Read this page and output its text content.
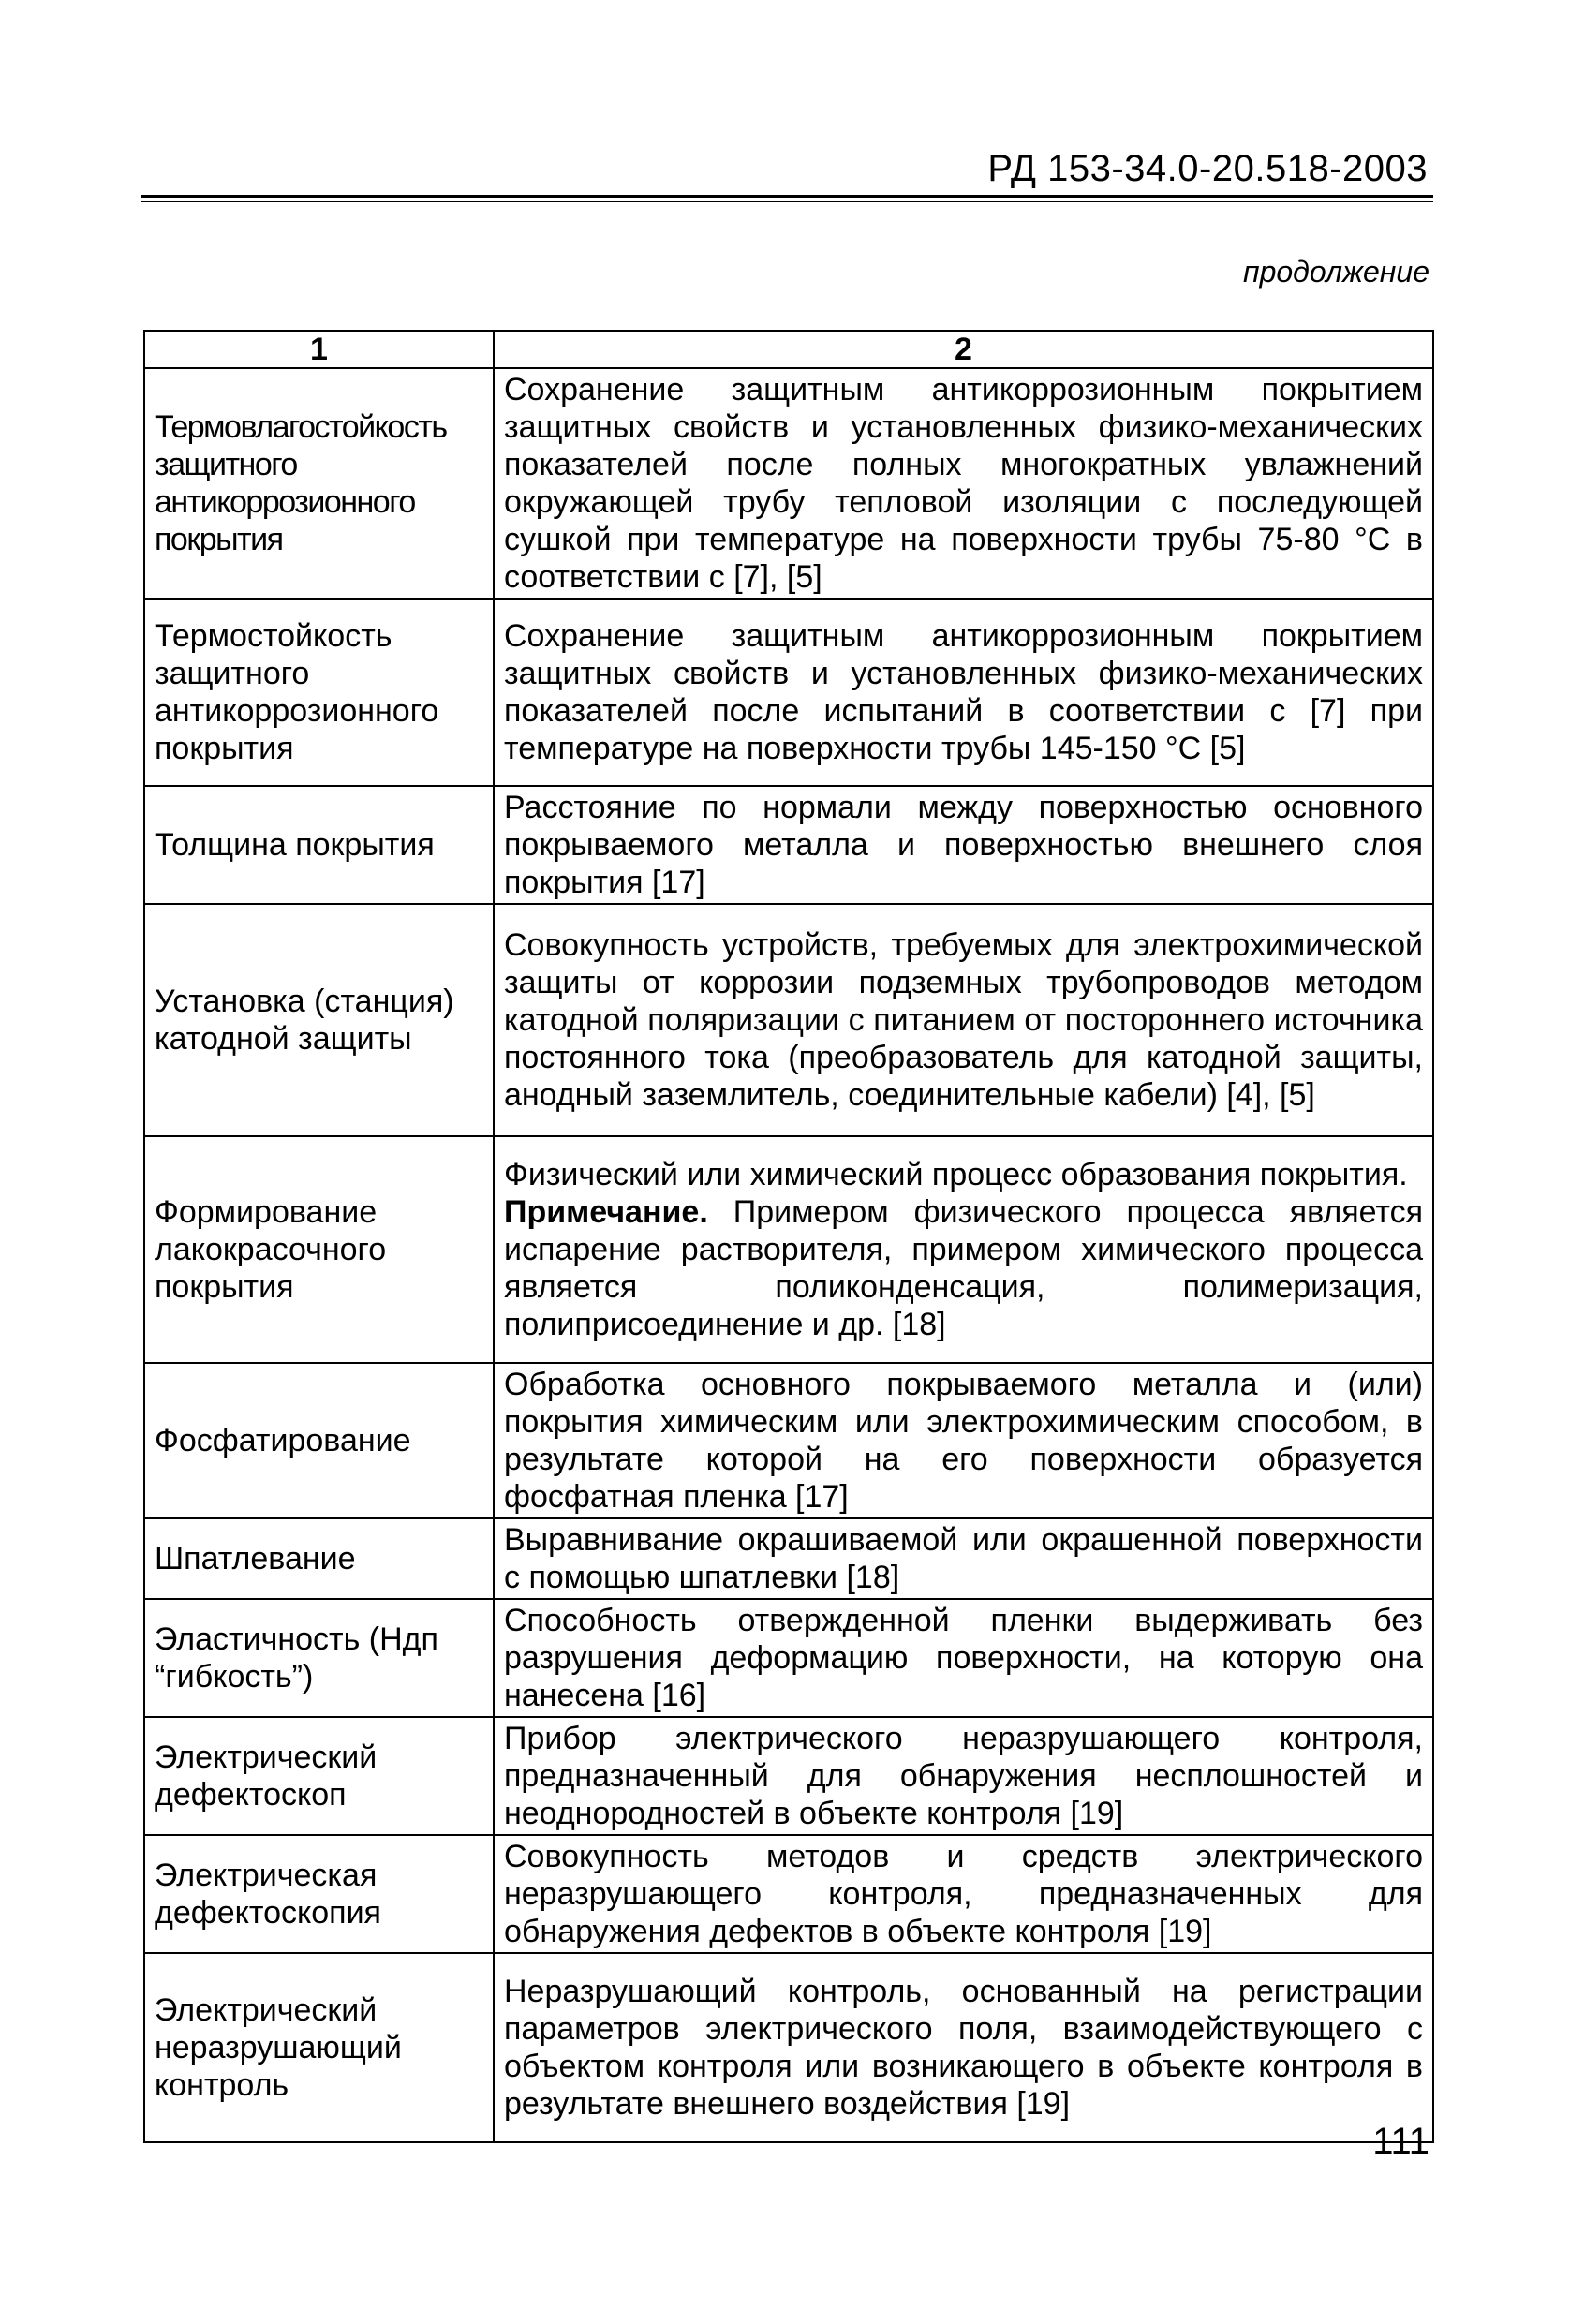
РД 153-34.0-20.518-2003
продолжение
1	2
Термовлагостойкость защитного антикоррозионного покрытия	Сохранение защитным антикоррозионным покрытием защитных свойств и установленных физико-механических показателей после полных многократных увлажнений окружающей трубу тепловой изоляции с последующей сушкой при температуре на поверхности трубы 75-80 °С в соответствии с [7], [5]
Термостойкость защитного антикоррозионного покрытия	Сохранение защитным антикоррозионным покрытием защитных свойств и установленных физико-механических показателей после испытаний в соответствии с [7] при температуре на поверхности трубы 145-150 °С [5]
Толщина покрытия	Расстояние по нормали между поверхностью основного покрываемого металла и поверхностью внешнего слоя покрытия [17]
Установка (станция) катодной защиты	Совокупность устройств, требуемых для электрохимической защиты от коррозии подземных трубопроводов методом катодной поляризации с питанием от постороннего источника постоянного тока (преобразователь для катодной защиты, анодный заземлитель, соединительные кабели) [4], [5]
Формирование лакокрасочного покрытия	Физический или химический процесс образования покрытия.
Примечание. Примером физического процесса является испарение растворителя, примером химического процесса является поликонденсация, полимеризация, полиприсоединение и др. [18]
Фосфатирование	Обработка основного покрываемого металла и (или) покрытия химическим или электрохимическим способом, в результате которой на его поверхности образуется фосфатная пленка [17]
Шпатлевание	Выравнивание окрашиваемой или окрашенной поверхности с помощью шпатлевки [18]
Эластичность (Ндп “гибкость”)	Способность отвержденной пленки выдерживать без разрушения деформацию поверхности, на которую она нанесена [16]
Электрический дефектоскоп	Прибор электрического неразрушающего контроля, предназначенный для обнаружения несплошностей и неоднородностей в объекте контроля [19]
Электрическая дефектоскопия	Совокупность методов и средств электрического неразрушающего контроля, предназначенных для обнаружения дефектов в объекте контроля [19]
Электрический неразрушающий контроль	Неразрушающий контроль, основанный на регистрации параметров электрического поля, взаимодействующего с объектом контроля или возникающего в объекте контроля в результате внешнего воздействия [19]
111
